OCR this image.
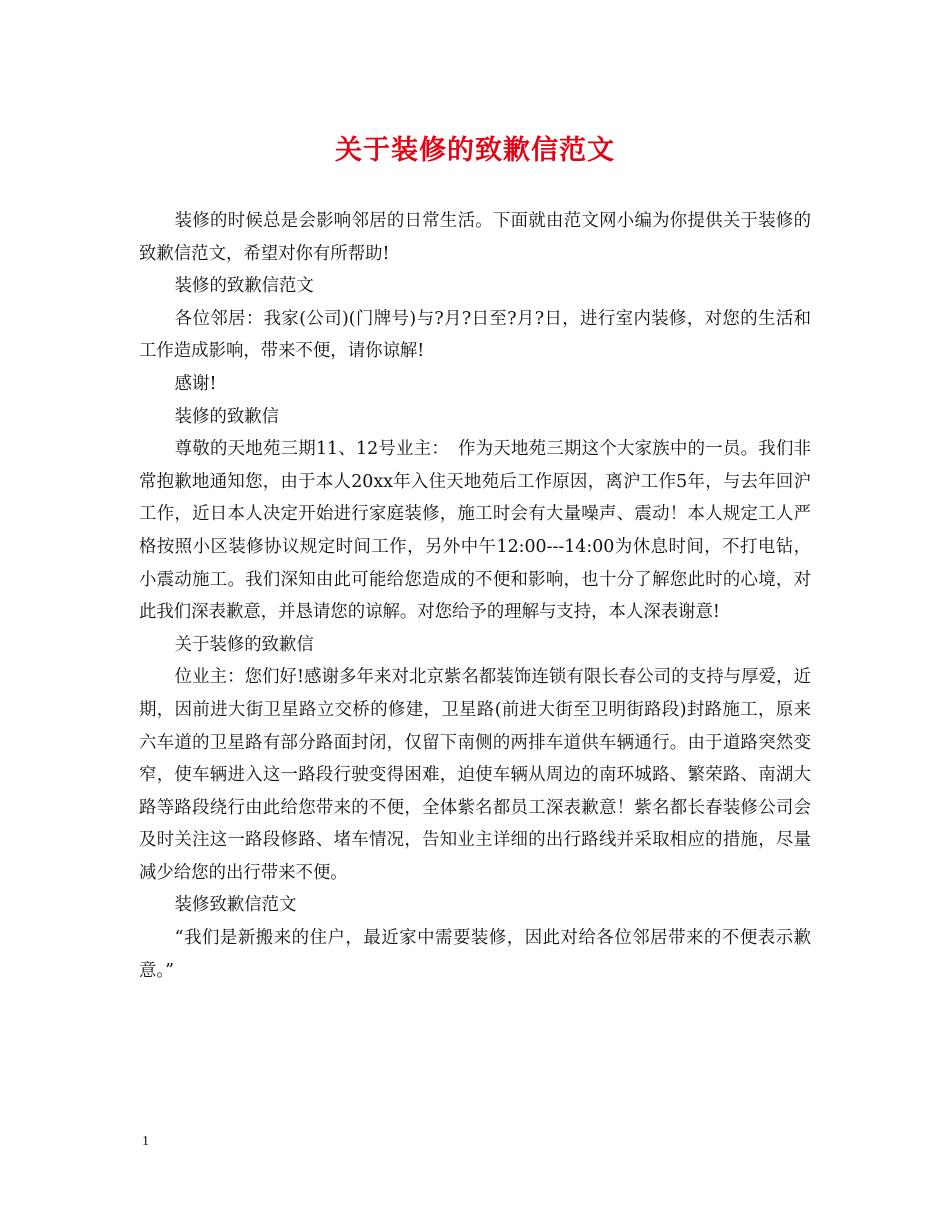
关于装修的致歉信范文

装修的时候总是会影响邻居的日常生活。下面就由范文网小编为你提供关于装修的致歉信范文，希望对你有所帮助!

装修的致歉信范文

各位邻居：我家(公司)(门牌号)与?月?日至?月?日，进行室内装修，对您的生活和工作造成影响，带来不便，请你谅解!

感谢!

装修的致歉信

尊敬的天地苑三期11、12号业主：　作为天地苑三期这个大家族中的一员。我们非常抱歉地通知您，由于本人20xx年入住天地苑后工作原因，离沪工作5年，与去年回沪工作，近日本人决定开始进行家庭装修，施工时会有大量噪声、震动！本人规定工人严格按照小区装修协议规定时间工作，另外中午12:00---14:00为休息时间，不打电钻，小震动施工。我们深知由此可能给您造成的不便和影响，也十分了解您此时的心境，对此我们深表歉意，并恳请您的谅解。对您给予的理解与支持，本人深表谢意!

关于装修的致歉信

位业主：您们好!感谢多年来对北京紫名都装饰连锁有限长春公司的支持与厚爱，近期，因前进大街卫星路立交桥的修建，卫星路(前进大街至卫明街路段)封路施工，原来六车道的卫星路有部分路面封闭，仅留下南侧的两排车道供车辆通行。由于道路突然变窄，使车辆进入这一路段行驶变得困难，迫使车辆从周边的南环城路、繁荣路、南湖大路等路段绕行由此给您带来的不便，全体紫名都员工深表歉意！紫名都长春装修公司会及时关注这一路段修路、堵车情况，告知业主详细的出行路线并采取相应的措施，尽量减少给您的出行带来不便。

装修致歉信范文

“我们是新搬来的住户，最近家中需要装修，因此对给各位邻居带来的不便表示歉意。”

1
